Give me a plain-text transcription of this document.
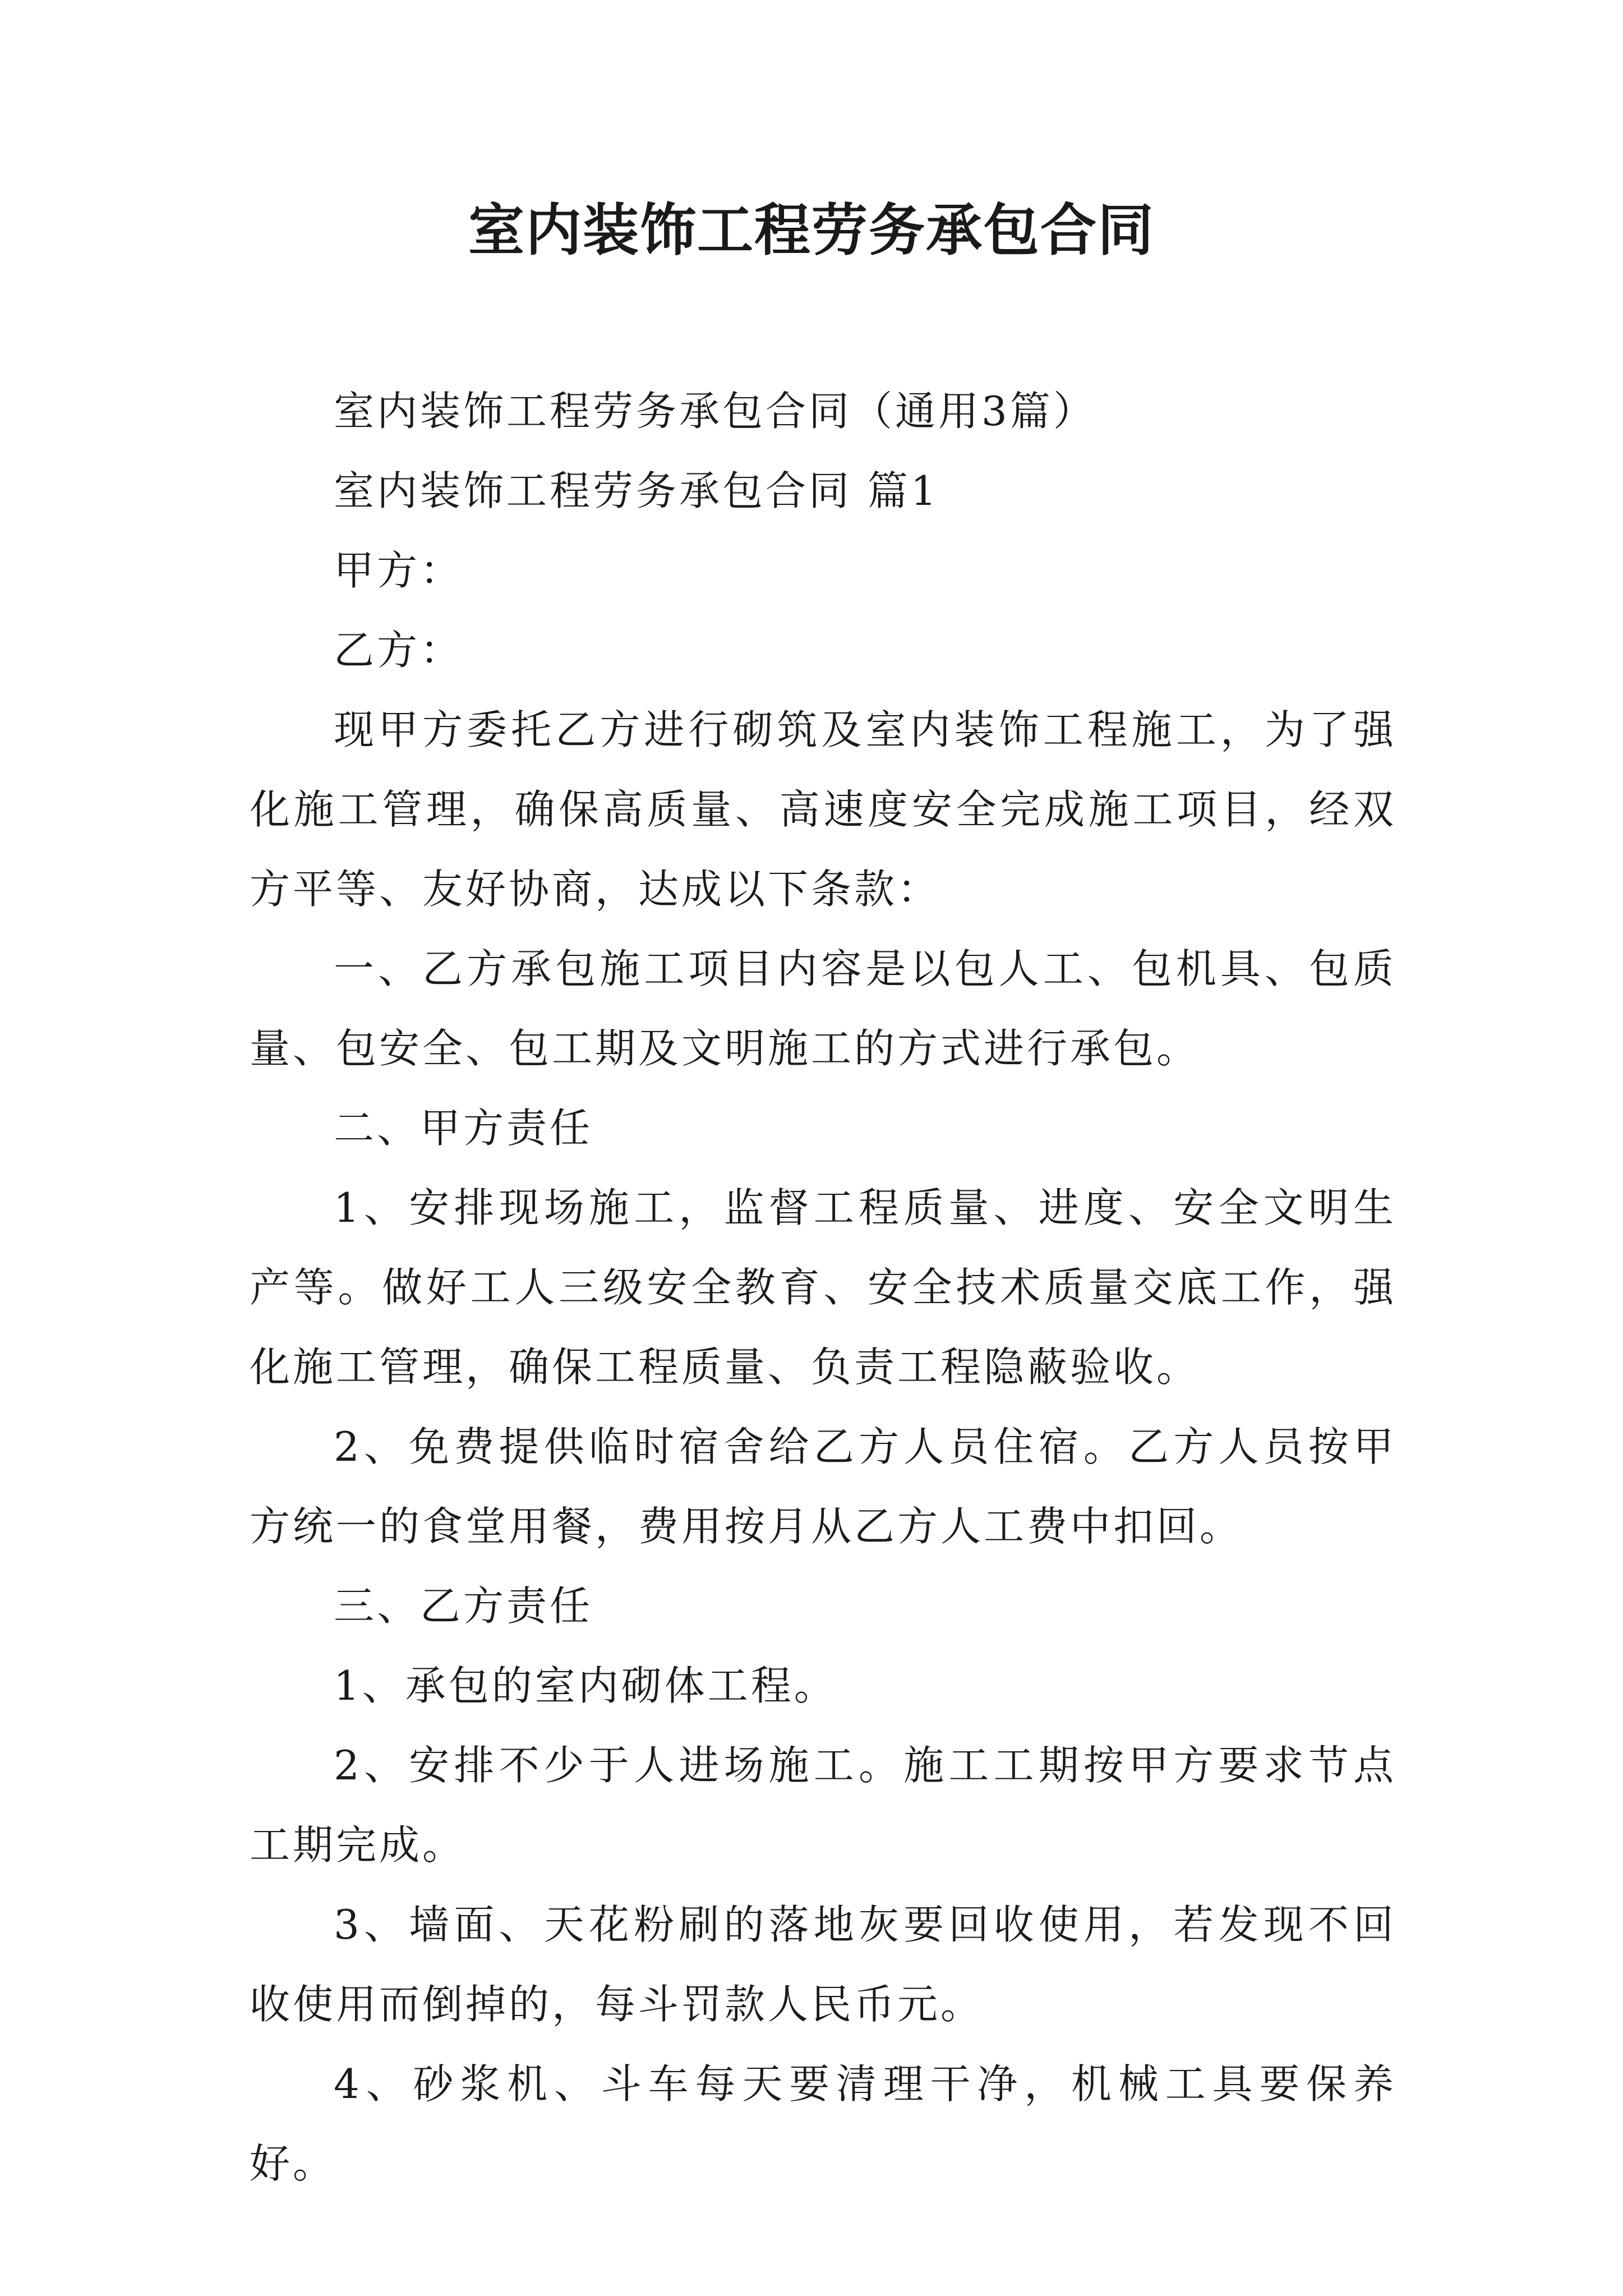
室内装饰工程劳务承包合同

室内装饰工程劳务承包合同（通用3篇）

室内装饰工程劳务承包合同 篇1

甲方：

乙方：

现甲方委托乙方进行砌筑及室内装饰工程施工，为了强化施工管理，确保高质量、高速度安全完成施工项目，经双方平等、友好协商，达成以下条款：

一、乙方承包施工项目内容是以包人工、包机具、包质量、包安全、包工期及文明施工的方式进行承包。

二、甲方责任

1、安排现场施工，监督工程质量、进度、安全文明生产等。做好工人三级安全教育、安全技术质量交底工作，强化施工管理，确保工程质量、负责工程隐蔽验收。

2、免费提供临时宿舍给乙方人员住宿。乙方人员按甲方统一的食堂用餐，费用按月从乙方人工费中扣回。

三、乙方责任

1、承包的室内砌体工程。

2、安排不少于人进场施工。施工工期按甲方要求节点工期完成。

3、墙面、天花粉刷的落地灰要回收使用，若发现不回收使用而倒掉的，每斗罚款人民币元。

4、砂浆机、斗车每天要清理干净，机械工具要保养好。
